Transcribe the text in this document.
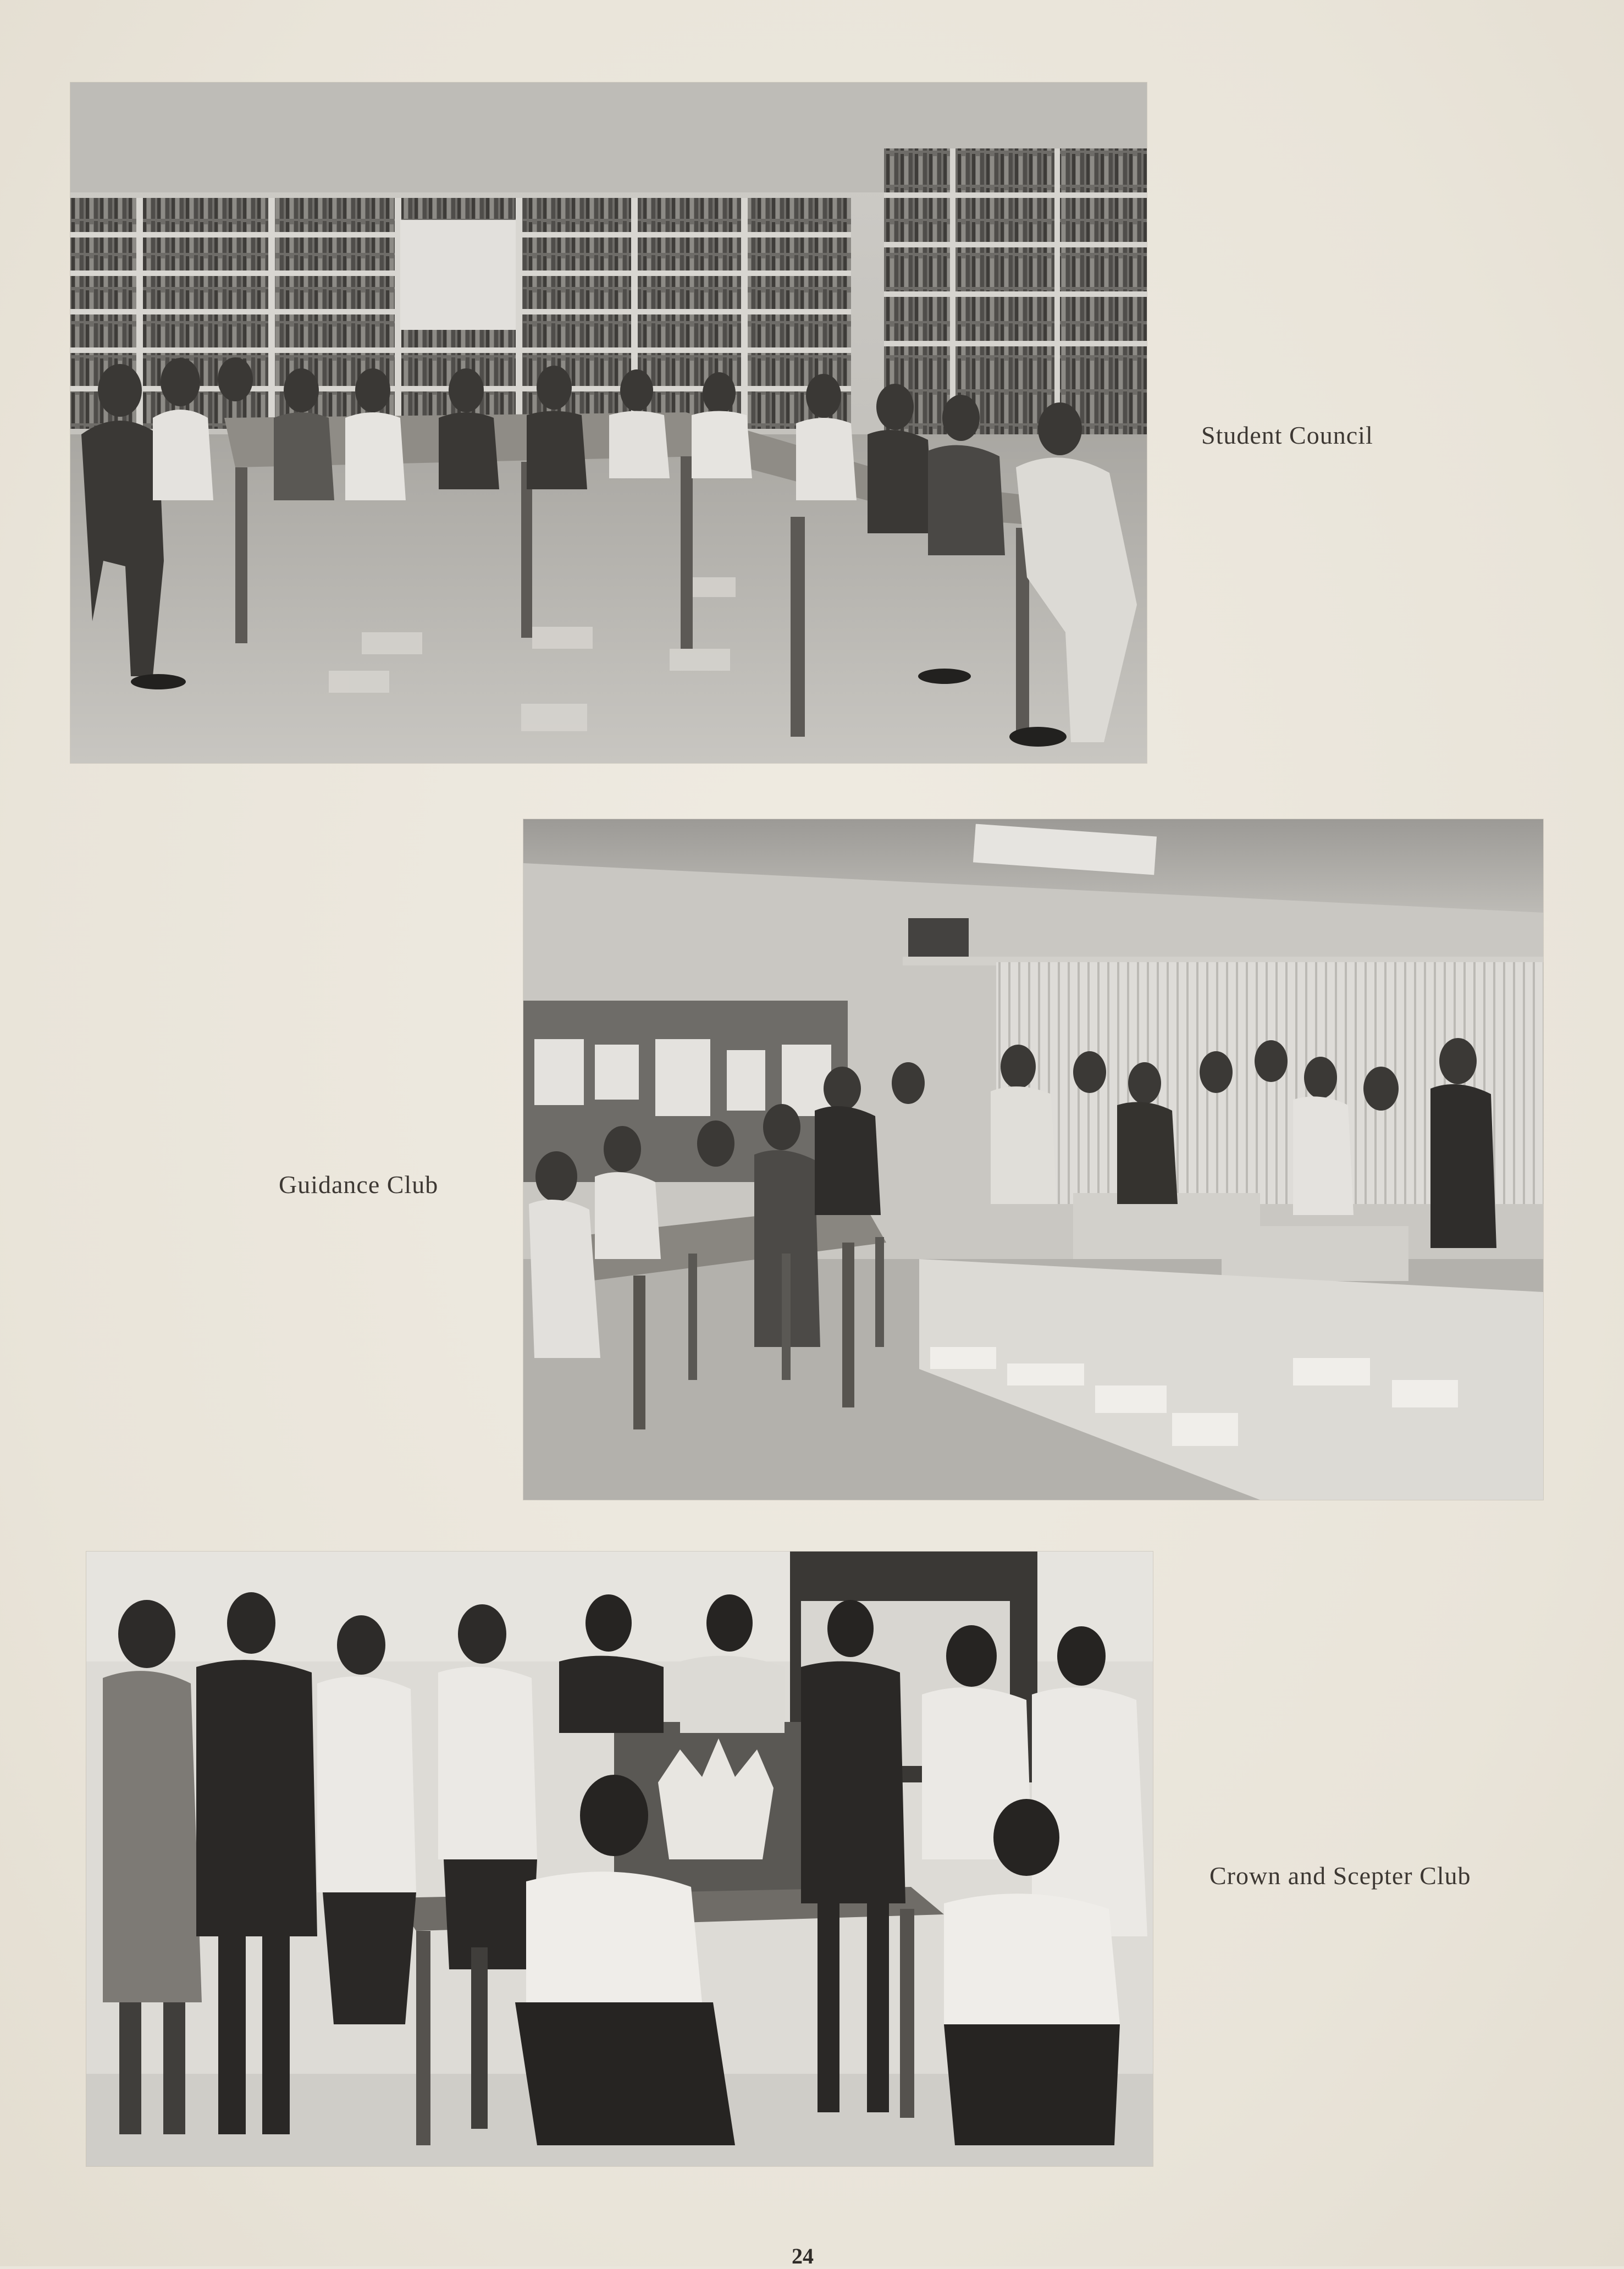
Student Council
Guidance Club
Crown and Scepter Club
24
